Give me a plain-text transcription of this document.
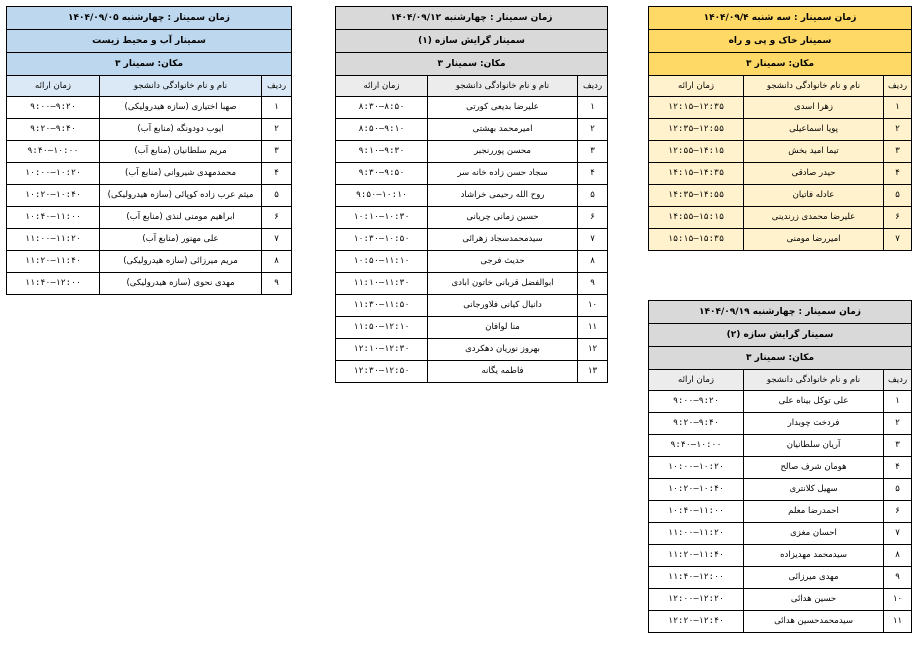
زمان سمینار : چهارشنبه ۱۴۰۴/۰۹/۰۵		
سمینار آب و محیط زیست		
مکان: سمینار ۳		
ردیف	نام و نام خانوادگی دانشجو	زمان ارائه
۱	صهبا اختیاری (سازه هیدرولیکی)	۹:۰۰–۹:۲۰
۲	ایوب دودونگه (منابع آب)	۹:۲۰–۹:۴۰
۳	مریم سلطانیان (منابع آب)	۹:۴۰–۱۰:۰۰
۴	محمدمهدی شیروانی (منابع آب)	۱۰:۰۰–۱۰:۲۰
۵	میثم عرب زاده کوپائی (سازه هیدرولیکی)	۱۰:۲۰–۱۰:۴۰
۶	ابراهیم مومنی لنذی (منابع آب)	۱۰:۴۰–۱۱:۰۰
۷	علی مهنور (منابع آب)	۱۱:۰۰–۱۱:۲۰
۸	مریم میرزائی (سازه هیدرولیکی)	۱۱:۲۰–۱۱:۴۰
۹	مهدی نحوی (سازه هیدرولیکی)	۱۱:۴۰–۱۲:۰۰
زمان سمینار : چهارشنبه ۱۴۰۴/۰۹/۱۲		
سمینار گرایش سازه (۱)		
مکان: سمینار ۳		
ردیف	نام و نام خانوادگی دانشجو	زمان ارائه
۱	علیرضا بدیعی کورتی	۸:۳۰–۸:۵۰
۲	امیرمحمد بهشتی	۸:۵۰–۹:۱۰
۳	محسن پوررنجبر	۹:۱۰–۹:۳۰
۴	سجاد حسن زاده خانه سر	۹:۳۰–۹:۵۰
۵	روح الله رحیمی خراشاد	۹:۵۰–۱۰:۱۰
۶	حسین زمانی چریانی	۱۰:۱۰–۱۰:۳۰
۷	سیدمحمدسجاد زهرائی	۱۰:۳۰–۱۰:۵۰
۸	حدیث فرجی	۱۰:۵۰–۱۱:۱۰
۹	ابوالفضل قربانی خاتون ابادی	۱۱:۱۰–۱۱:۳۰
۱۰	دانیال کیانی فلاورجانی	۱۱:۳۰–۱۱:۵۰
۱۱	منا لوافان	۱۱:۵۰–۱۲:۱۰
۱۲	بهروز نوریان دهکردی	۱۲:۱۰–۱۲:۳۰
۱۳	فاطمه یگانه	۱۲:۳۰–۱۲:۵۰
زمان سمینار : سه شنبه ۱۴۰۴/۰۹/۴		
سمینار خاک و پی و راه		
مکان: سمینار ۳		
ردیف	نام و نام خانوادگی دانشجو	زمان ارائه
۱	زهرا اسدی	۱۲:۱۵–۱۲:۳۵
۲	پویا اسماعیلی	۱۲:۳۵–۱۲:۵۵
۳	تیما امید بخش	۱۲:۵۵–۱۴:۱۵
۴	حیدر صادقی	۱۴:۱۵–۱۴:۳۵
۵	عادله فاتیان	۱۴:۳۵–۱۴:۵۵
۶	علیرضا محمدی زرندینی	۱۴:۵۵–۱۵:۱۵
۷	امیررضا مومنی	۱۵:۱۵–۱۵:۳۵
زمان سمینار : چهارشنبه ۱۴۰۴/۰۹/۱۹		
سمینار گرایش سازه (۲)		
مکان: سمینار ۳		
ردیف	نام و نام خانوادگی دانشجو	زمان ارائه
۱	علی توکل بیناه علی	۹:۰۰–۹:۲۰
۲	فردخت چوبدار	۹:۲۰–۹:۴۰
۳	آریان سلطانیان	۹:۴۰–۱۰:۰۰
۴	هومان شرف صالح	۱۰:۰۰–۱۰:۲۰
۵	سهیل کلانتری	۱۰:۲۰–۱۰:۴۰
۶	احمدرضا معلم	۱۰:۴۰–۱۱:۰۰
۷	احسان مغزی	۱۱:۰۰–۱۱:۲۰
۸	سیدمحمد مهدیزاده	۱۱:۲۰–۱۱:۴۰
۹	مهدی میرزائی	۱۱:۴۰–۱۲:۰۰
۱۰	حسین هدائی	۱۲:۰۰–۱۲:۲۰
۱۱	سیدمحمدحسین هدائی	۱۲:۲۰–۱۲:۴۰
